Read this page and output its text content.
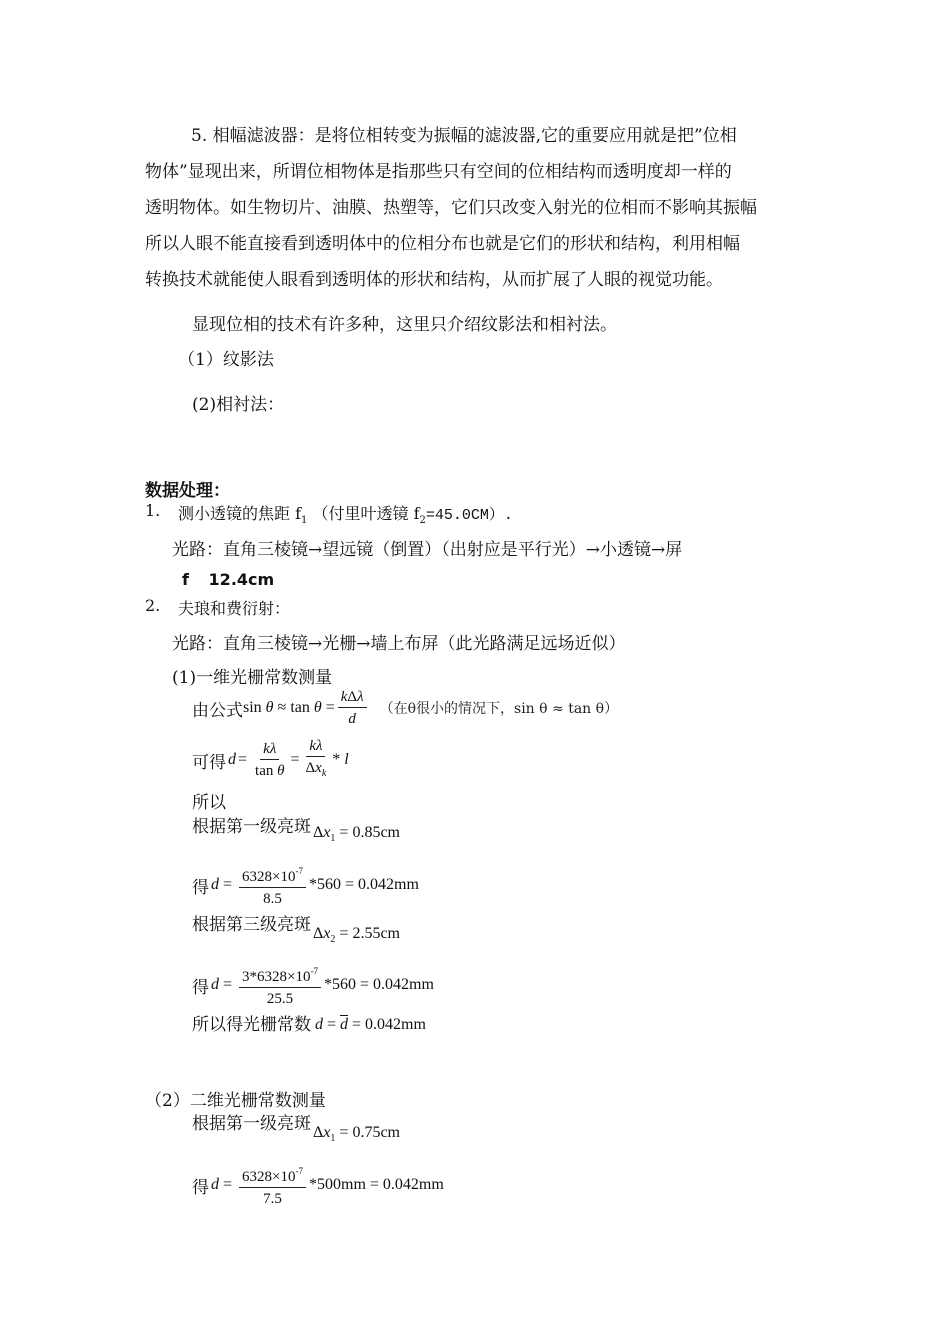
5. 相幅滤波器：是将位相转变为振幅的滤波器,它的重要应用就是把”位相

物体”显现出来，所谓位相物体是指那些只有空间的位相结构而透明度却一样的

透明物体。如生物切片、油膜、热塑等，它们只改变入射光的位相而不影响其振幅

所以人眼不能直接看到透明体中的位相分布也就是它们的形状和结构，利用相幅

转换技术就能使人眼看到透明体的形状和结构，从而扩展了人眼的视觉功能。

显现位相的技术有许多种，这里只介绍纹影法和相衬法。
（1）纹影法
(2)相衬法：
数据处理：
1. 测小透镜的焦距 $f_1$ （付里叶透镜 $f_2=45.0CM$）.
光路：直角三棱镜→望远镜（倒置）（出射应是平行光）→小透镜→屏
f 12.4cm
2. 夫琅和费衍射：
光路：直角三棱镜→光栅→墙上布屏（此光路满足远场近似）
(1)一维光栅常数测量
由公式 $\sin \theta \approx \tan \theta = \frac{\text{kΔλ}}{d}$ （在θ很小的情况下，sin θ ≈ tan θ）
可得 $d = \frac{k\lambda}{\text{tan θ}} = \frac{k\lambda}{\Delta x_k} * l$
所以
根据第一级亮斑 $\Delta x_1 = 0.85cm$
得 $d = \frac{6328\times 10^{-7}}{8.5} *560 = 0.042mm$
根据第三级亮斑 $\Delta x_2 = 2.55cm$
得 $d = \frac{3*6328\times 10^{-7}}{25.5} *560 = 0.042mm$
所以得光栅常数 $d = \overline{d} = 0.042mm$
（2）二维光栅常数测量
根据第一级亮斑 $\Delta x_1 = 0.75cm$
得 $d = \frac{6328\times 10^{-7}}{7.5} *500mm = 0.042mm$
